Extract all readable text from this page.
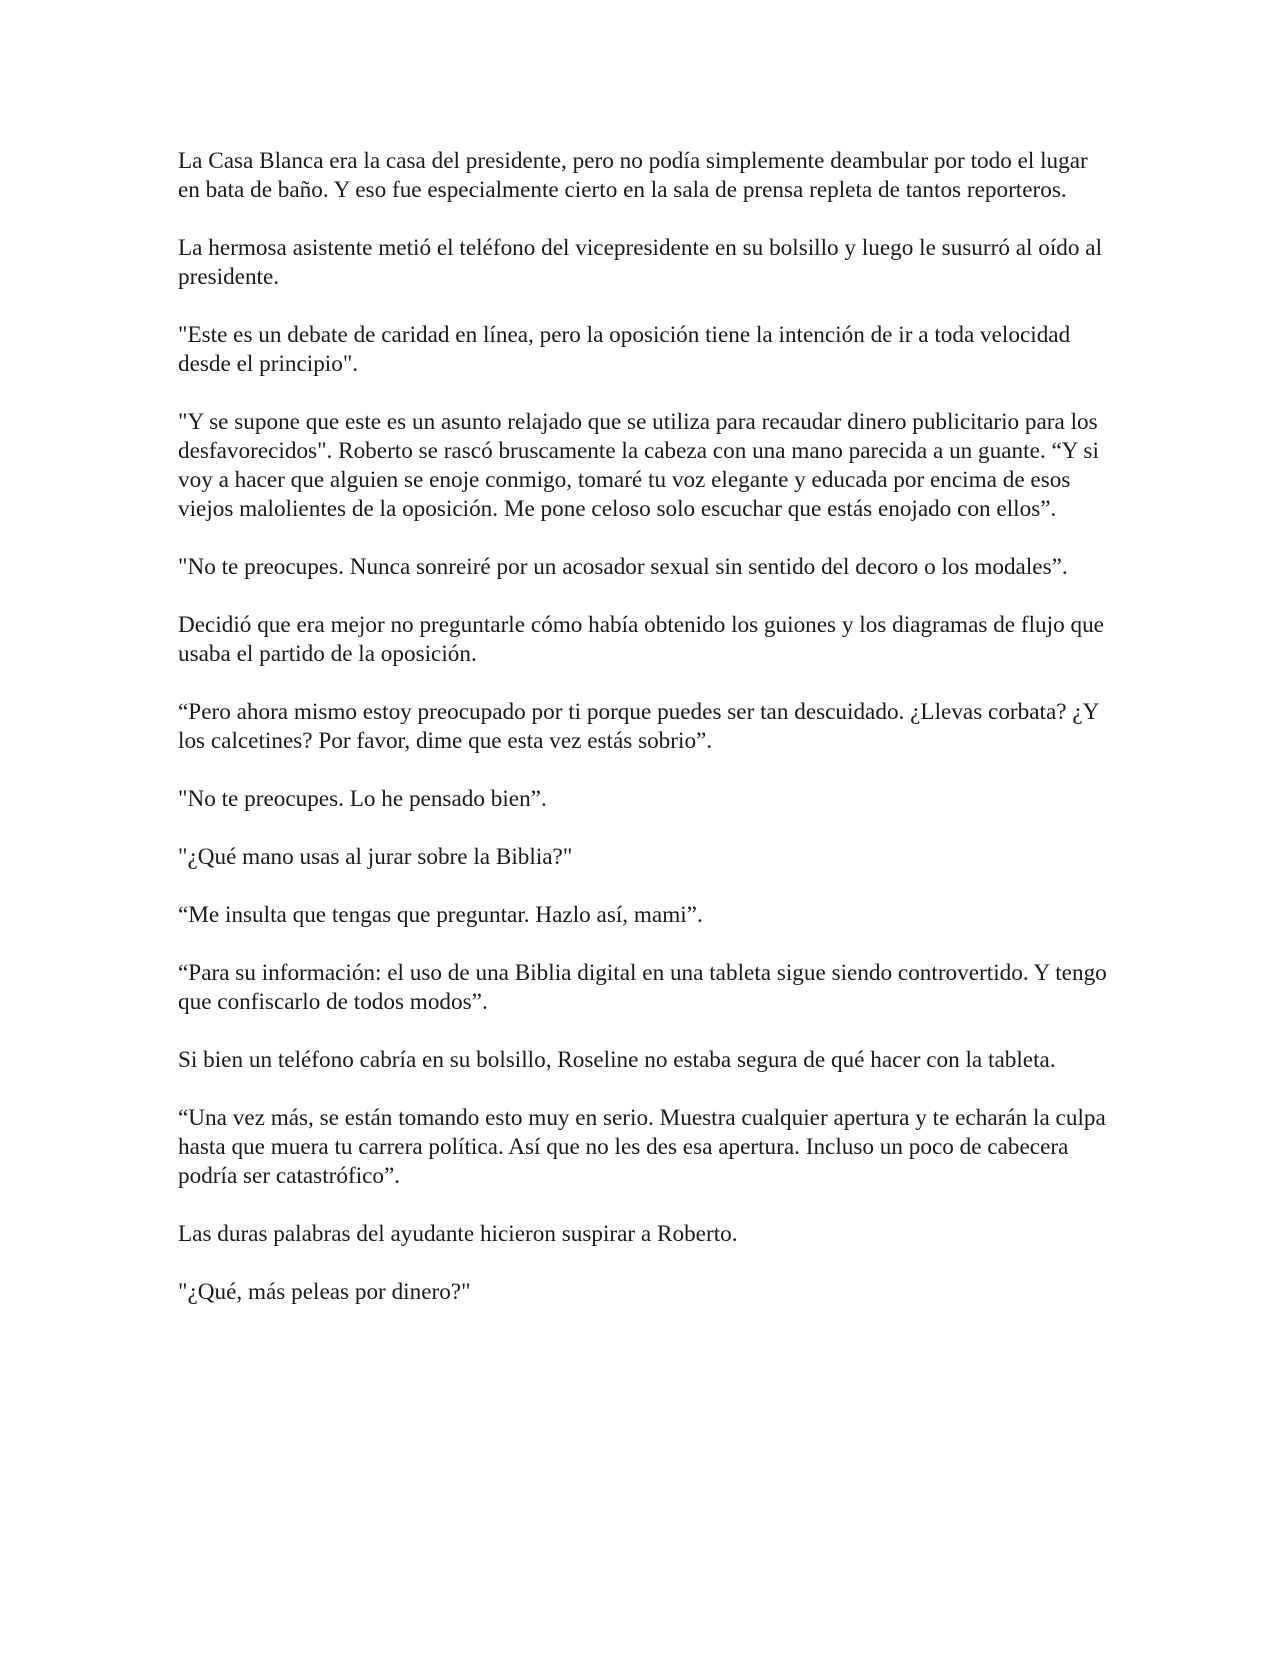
La Casa Blanca era la casa del presidente, pero no podía simplemente deambular por todo el lugar en bata de baño. Y eso fue especialmente cierto en la sala de prensa repleta de tantos reporteros.

La hermosa asistente metió el teléfono del vicepresidente en su bolsillo y luego le susurró al oído al presidente.

"Este es un debate de caridad en línea, pero la oposición tiene la intención de ir a toda velocidad desde el principio".

"Y se supone que este es un asunto relajado que se utiliza para recaudar dinero publicitario para los desfavorecidos". Roberto se rascó bruscamente la cabeza con una mano parecida a un guante. “Y si voy a hacer que alguien se enoje conmigo, tomaré tu voz elegante y educada por encima de esos viejos malolientes de la oposición. Me pone celoso solo escuchar que estás enojado con ellos”.

"No te preocupes. Nunca sonreiré por un acosador sexual sin sentido del decoro o los modales”.

Decidió que era mejor no preguntarle cómo había obtenido los guiones y los diagramas de flujo que usaba el partido de la oposición.

“Pero ahora mismo estoy preocupado por ti porque puedes ser tan descuidado. ¿Llevas corbata? ¿Y los calcetines? Por favor, dime que esta vez estás sobrio”.

"No te preocupes. Lo he pensado bien”.

"¿Qué mano usas al jurar sobre la Biblia?"

“Me insulta que tengas que preguntar. Hazlo así, mami”.

“Para su información: el uso de una Biblia digital en una tableta sigue siendo controvertido. Y tengo que confiscarlo de todos modos”.

Si bien un teléfono cabría en su bolsillo, Roseline no estaba segura de qué hacer con la tableta.

“Una vez más, se están tomando esto muy en serio. Muestra cualquier apertura y te echarán la culpa hasta que muera tu carrera política. Así que no les des esa apertura. Incluso un poco de cabecera podría ser catastrófico”.

Las duras palabras del ayudante hicieron suspirar a Roberto.

"¿Qué, más peleas por dinero?"
